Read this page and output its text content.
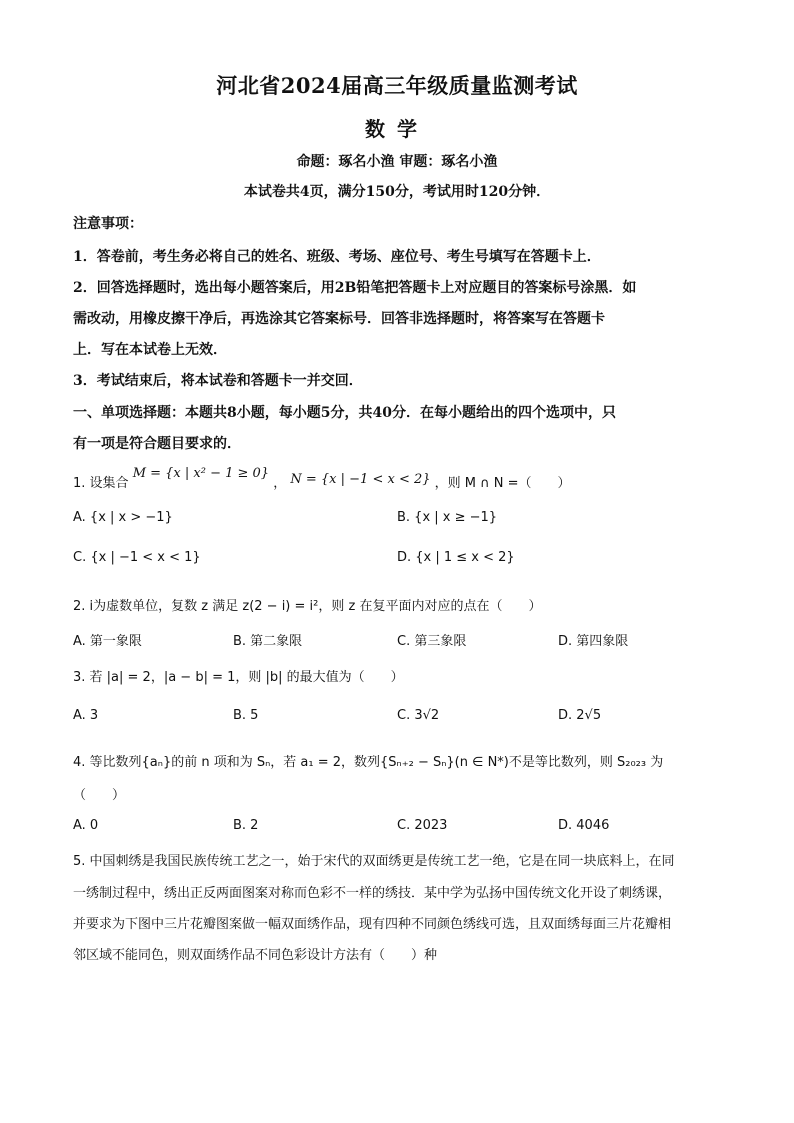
河北省2024届高三年级质量监测考试
数学
命题：琢名小渔 审题：琢名小渔
本试卷共4页，满分150分，考试用时120分钟．
注意事项：
1．答卷前，考生务必将自己的姓名、班级、考场、座位号、考生号填写在答题卡上．
2．回答选择题时，选出每小题答案后，用2B铅笔把答题卡上对应题目的答案标号涂黑．如
需改动，用橡皮擦干净后，再选涂其它答案标号．回答非选择题时，将答案写在答题卡
上．写在本试卷上无效．
3．考试结束后，将本试卷和答题卡一并交回．
一、单项选择题：本题共8小题，每小题5分，共40分．在每小题给出的四个选项中，只
有一项是符合题目要求的．
1. 设集合 M = {x | x² − 1 ≥ 0} ， N = {x | −1 < x < 2} ，则 M ∩ N =（　　）
A. {x | x > −1}	B. {x | x ≥ −1}
C. {x | −1 < x < 1}	D. {x | 1 ≤ x < 2}
2. i为虚数单位，复数 z 满足 z(2 − i) = i²，则 z 在复平面内对应的点在（　　）
A. 第一象限	B. 第二象限	C. 第三象限	D. 第四象限
3. 若 |a| = 2，|a − b| = 1，则 |b| 的最大值为（　　）
A. 3	B. 5	C. 3√2	D. 2√5
4. 等比数列{aₙ}的前 n 项和为 Sₙ，若 a₁ = 2，数列{Sₙ₊₂ − Sₙ}(n ∈ N*)不是等比数列，则 S₂₀₂₃ 为
（　　）
A. 0	B. 2	C. 2023	D. 4046
5. 中国刺绣是我国民族传统工艺之一，始于宋代的双面绣更是传统工艺一绝，它是在同一块底料上，在同
一绣制过程中，绣出正反两面图案对称而色彩不一样的绣技．某中学为弘扬中国传统文化开设了刺绣课，
并要求为下图中三片花瓣图案做一幅双面绣作品，现有四种不同颜色绣线可选，且双面绣每面三片花瓣相
邻区域不能同色，则双面绣作品不同色彩设计方法有（　　）种
